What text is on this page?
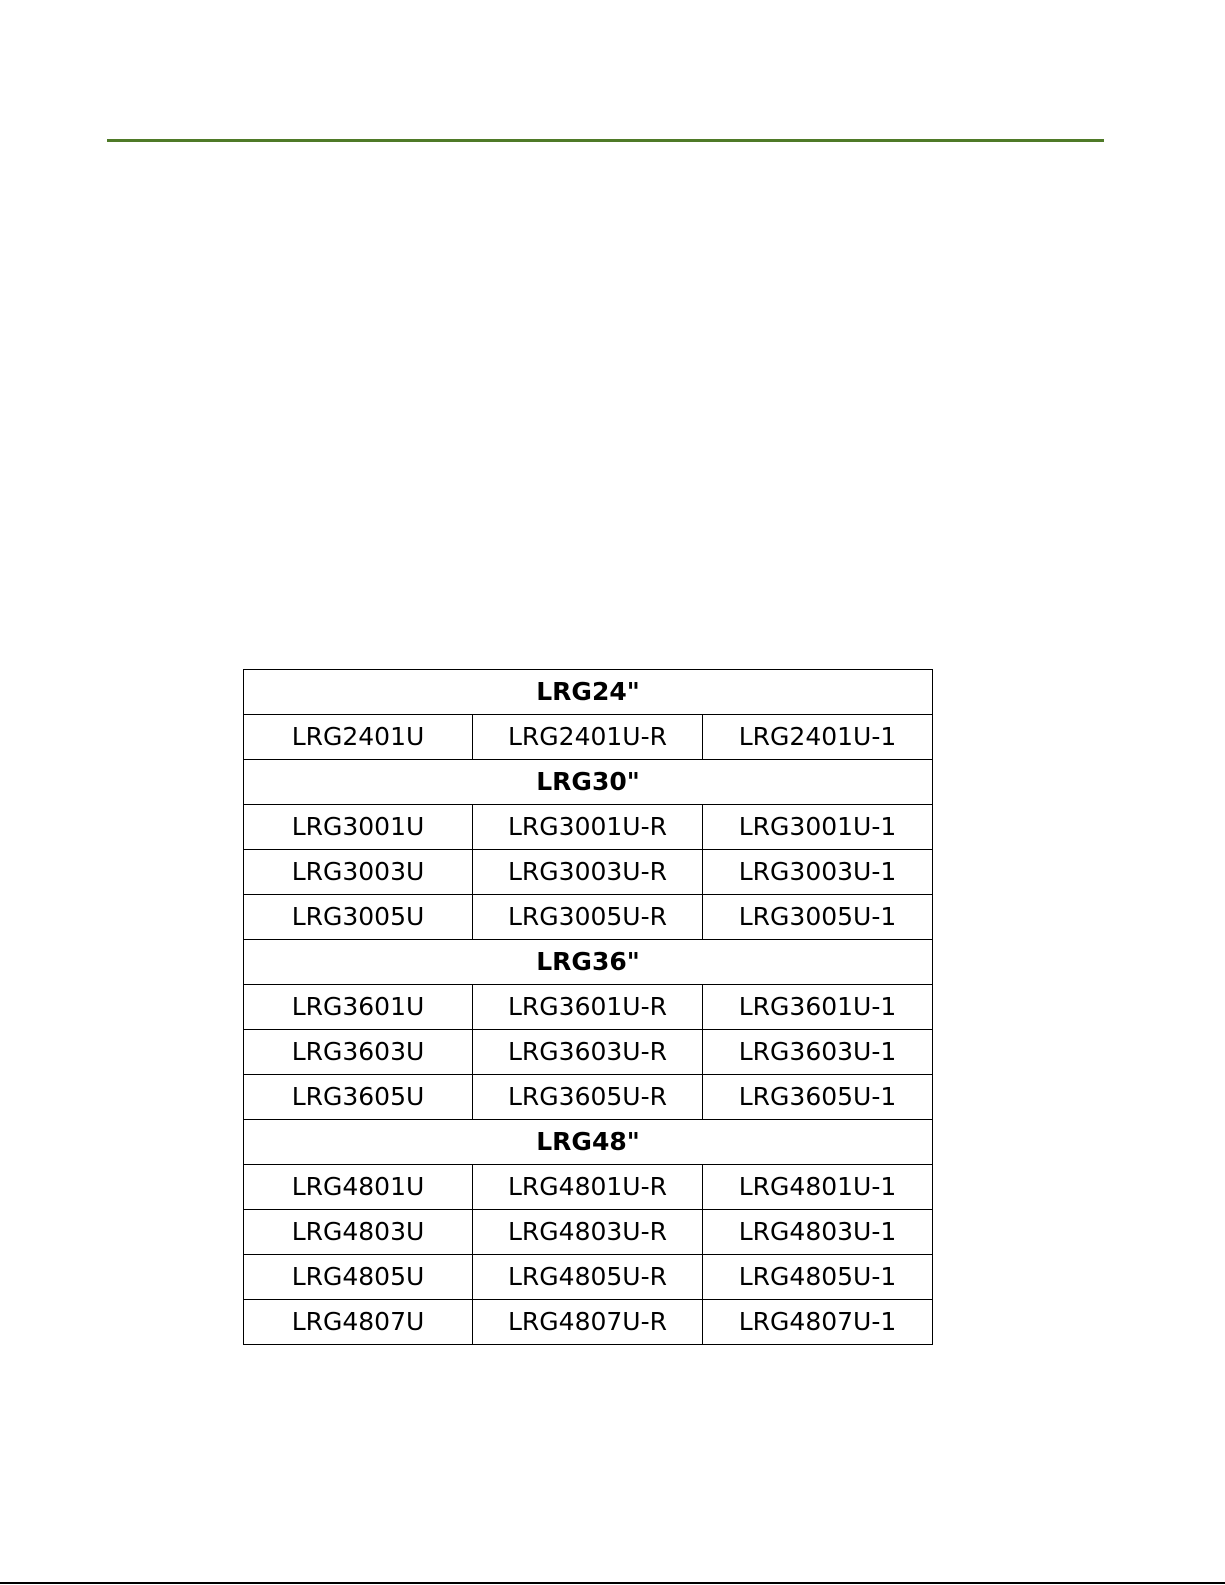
LRG24"		
LRG2401U	LRG2401U-R	LRG2401U-1
LRG30"		
LRG3001U	LRG3001U-R	LRG3001U-1
LRG3003U	LRG3003U-R	LRG3003U-1
LRG3005U	LRG3005U-R	LRG3005U-1
LRG36"		
LRG3601U	LRG3601U-R	LRG3601U-1
LRG3603U	LRG3603U-R	LRG3603U-1
LRG3605U	LRG3605U-R	LRG3605U-1
LRG48"		
LRG4801U	LRG4801U-R	LRG4801U-1
LRG4803U	LRG4803U-R	LRG4803U-1
LRG4805U	LRG4805U-R	LRG4805U-1
LRG4807U	LRG4807U-R	LRG4807U-1
